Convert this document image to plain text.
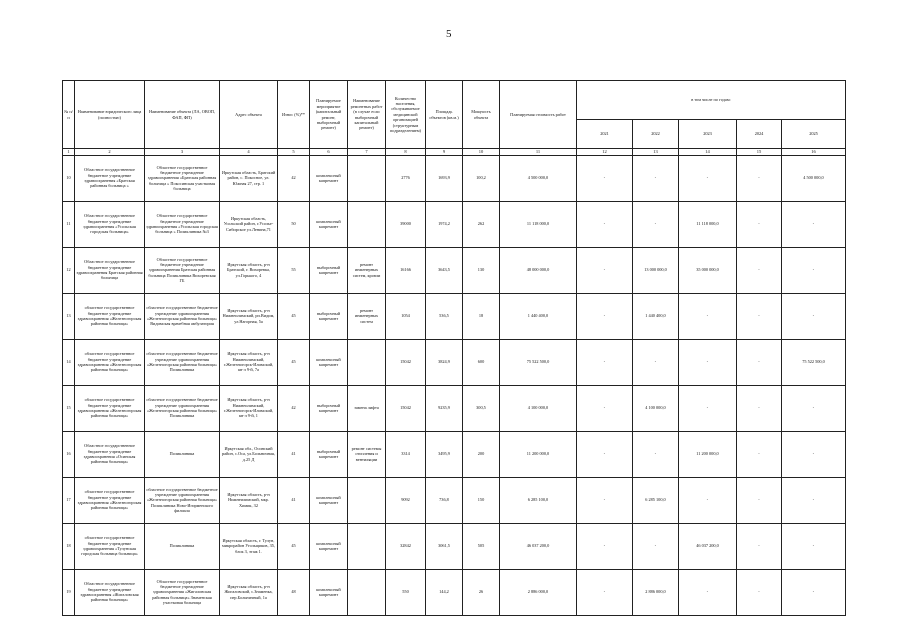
5
№ п/п	Наименование юридического лица (полностью)	Наименование объекта (ЛА, ОВОП, ФАП, ФП)	Адрес объекта	Износ (%)**	Планируемое мероприятие (капитальный ремонт, выборочный ремонт)	Наименование ремонтных работ (в случае если выборочный капитальный ремонт)	Количество населения, обслуживаемое медицинской организацией (структурным подразделением)	Площадь объектов (кв.м.)	Мощность объекта	Планируемая стоимость работ	в том числе по годам:				
											2021	2022	2023	2024	2025
1	2	3	4	5	6	7	8	9	10	11	12	13	14	15	16
10	Областное государственное бюджетное учреждение здравоохранения «Братская районная больница »	Областное государственное бюджетное учреждение здравоохранения «Братская районная больница » Покосинская участковая больница	Иркутская область, Братский район, с. Покосное, ул. Южная 27, стр. 1	42	комплексный капремонт		2776	1693,9	100,2	4 500 000,0	-	-	-	-	4 500 000,0
11	Областное государственное бюджетное учреждение здравоохранения «Усольская городская больница»	Областное государственное бюджетное учреждение здравоохранения «Усольская городская больница » Поликлиника №3	Иркутская область, Усольский район, г.Усолье-Сибирское ул.Ленина,71	50	комплексный капремонт		39000	1974,2	262	11 118 000,0	-	-	11 118 000,0	-	-
12	Областное государственное бюджетное учреждение здравоохранения Братская районная больница	Областное государственное бюджетное учреждение здравоохранения Братская районная больница Поликлиника Вихоревская ГБ	Иркутская область, р-н Братский, г. Вихоревка, ул.Горького, 4	55	выборочный капремонт	ремонт инженерных систем, кровли	16166	3643,5	130	48 000 000,0	-	13 000 000,0	35 000 000,0	-	-
13	областное государственное бюджетное учреждение здравоохранения «Железногорская районная больница»	областное государственное бюджетное учреждение здравоохранения «Железногорская районная больница» Видимская врачебная амбулатория	Иркутская область, р-н Нижнеилимский, рп.Видим, ул.Нагорная, 5а	45	выборочный капремонт	ремонт инженерных систем	1054	536,5	18	1 440 400,0	-	1 440 400,0	-	-	-
14	областное государственное бюджетное учреждение здравоохранения «Железногорская районная больница»	областное государственное бюджетное учреждение здравоохранения «Железногорская районная больница» Поликлиника	Иркутская область, р-н Нижнеилимский, г.Железногорск-Илимский, кв-л 9-й, 7а	45	комплексный капремонт		15042	3824,9	600	75 522 500,0	-	-	-	-	75 522 500,0
15	областное государственное бюджетное учреждение здравоохранения «Железногорская районная больница»	областное государственное бюджетное учреждение здравоохранения «Железногорская районная больница» Поликлиника	Иркутская область, р-н Нижнеилимский, г.Железногорск-Илимский, кв-л 9-й, 1	42	выборочный капремонт	замена лифта	15042	9235,9	300,5	4 100 000,0	-	4 100 000,0	-	-	-
16	Областное государственное бюджетное учреждение здравоохранения «Осинская районная больница»	Поликлиника	Иркутская обл., Осинский район, с.Оса, ул.Больничная, д.25 Д	41	выборочный капремонт	ремонт системы отопления и вентиляции	3314	3495,9	200	11 200 000,0	-	-	11 200 000,0	-	-
17	областное государственное бюджетное учреждение здравоохранения «Железногорская районная больница»	областное государственное бюджетное учреждение здравоохранения «Железногорская районная больница» Поликлиника Ново-Игирменского филиала	Иркутская область, р-н Нижнеилимский, мкр. Химик, 32	41	комплексный капремонт		9092	736,8	150	6 285 100,0	-	6 285 100,0	-	-	-
18	областное государственное бюджетное учреждение здравоохранения «Тулунская городская больница больница»	Поликлиника	Иркутская область, г. Тулун, микрорайон Угольщиков, 35, блок 3, этаж 1.	45	комплексный капремонт		32842	3061,5	505	46 037 200,0	-	-	46 037 200,0	-	-
19	Областное государственное бюджетное учреждение здравоохранения «Жигаловская районная больница»	Областное государственное бюджетное учреждение здравоохранения «Жигаловская районная больница» Знаменская участковая больница	Иркутская область, р-н Жигаловский, с.Знаменка, пер.Больничный, 1а	48	комплексный капремонт		550	144,2	26	2 886 000,0	-	2 886 000,0	-	-	-
